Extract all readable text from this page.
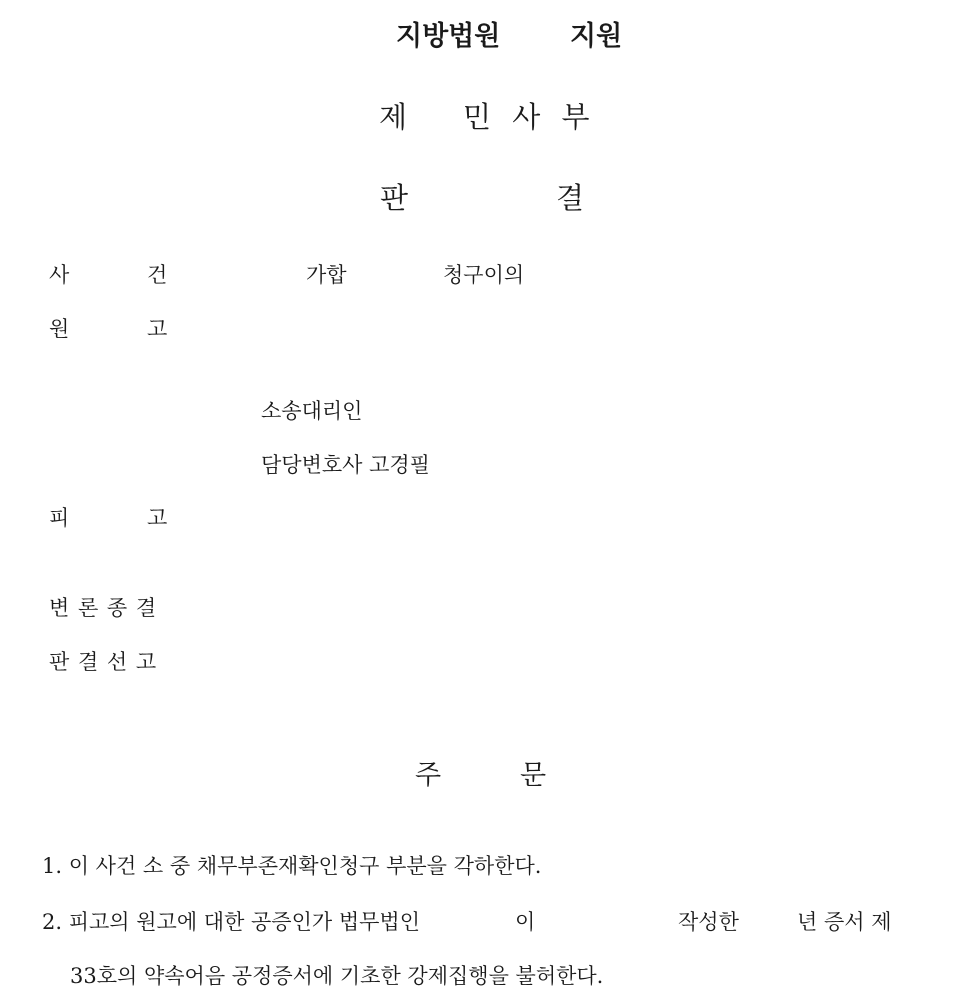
지방법원	지원
제 민 사 부
판	결
사	건	가합	청구이의
원	고
소송대리인
담당변호사 고경필
피	고
변 론 종 결
판 결 선 고
주	문
1. 이 사건 소 중 채무부존재확인청구 부분을 각하한다.
2. 피고의 원고에 대한 공증인가 법무법인	이	작성한	년 증서 제
33호의 약속어음 공정증서에 기초한 강제집행을 불허한다.
